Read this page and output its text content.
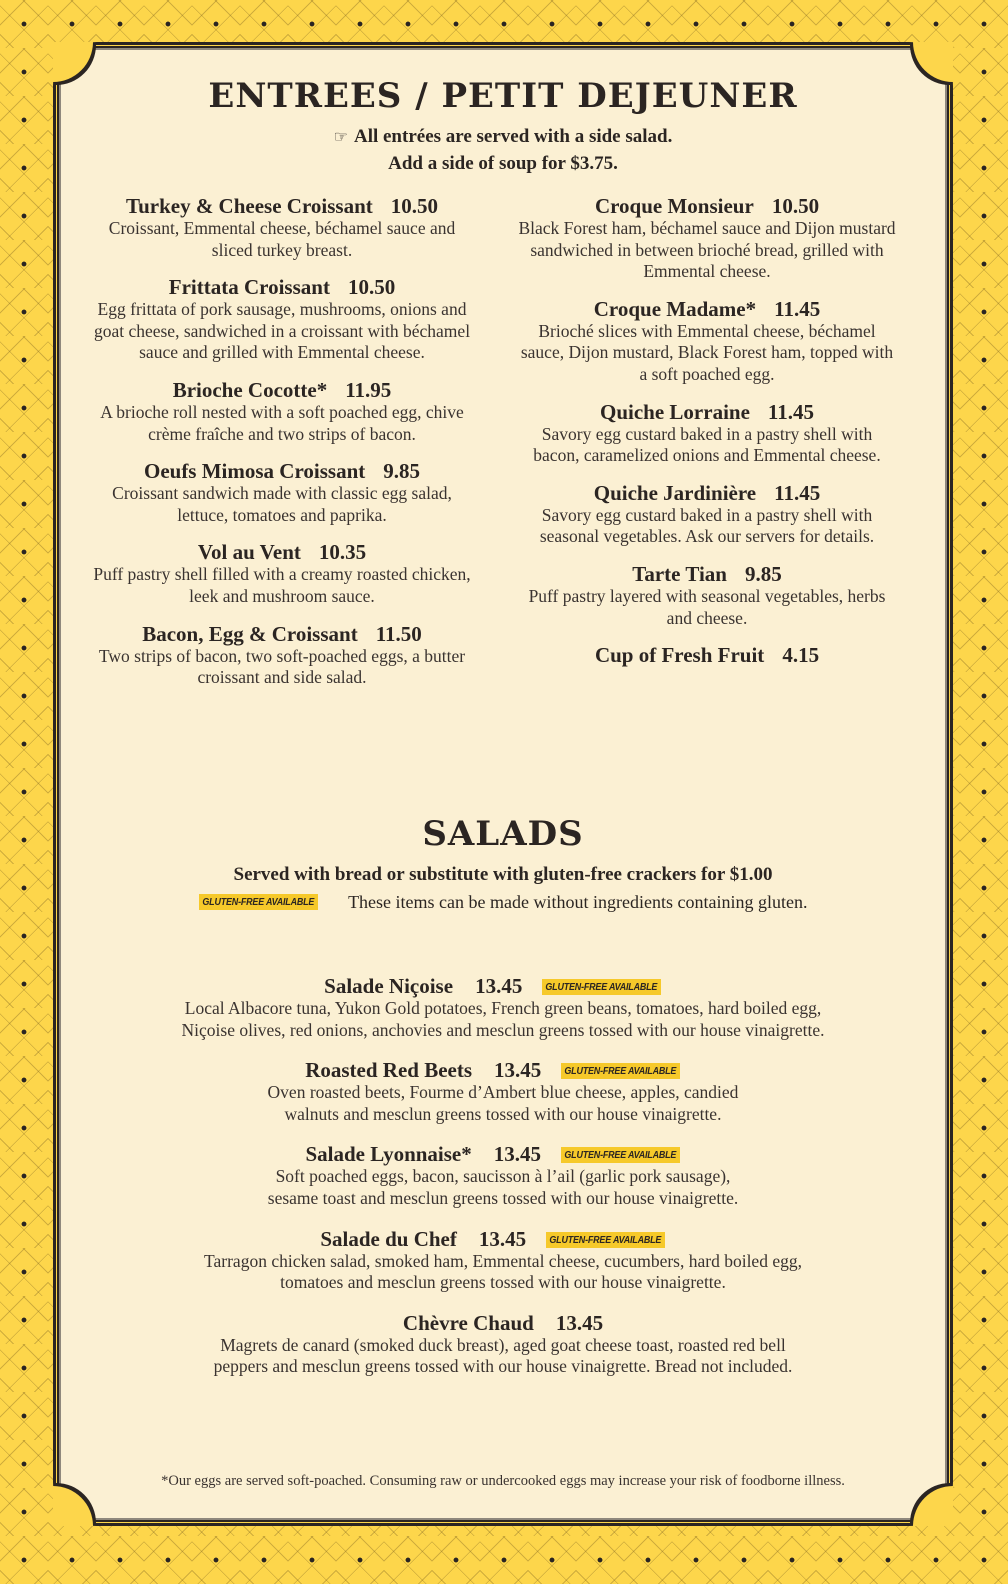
ENTREES / PETIT DEJEUNER
☞ All entrées are served with a side salad.
Add a side of soup for $3.75.
Turkey & Cheese Croissant 10.50
Croissant, Emmental cheese, béchamel sauce and sliced turkey breast.
Frittata Croissant 10.50
Egg frittata of pork sausage, mushrooms, onions and goat cheese, sandwiched in a croissant with béchamel sauce and grilled with Emmental cheese.
Brioche Cocotte* 11.95
A brioche roll nested with a soft poached egg, chive crème fraîche and two strips of bacon.
Oeufs Mimosa Croissant 9.85
Croissant sandwich made with classic egg salad, lettuce, tomatoes and paprika.
Vol au Vent 10.35
Puff pastry shell filled with a creamy roasted chicken, leek and mushroom sauce.
Bacon, Egg & Croissant 11.50
Two strips of bacon, two soft-poached eggs, a butter croissant and side salad.
Croque Monsieur 10.50
Black Forest ham, béchamel sauce and Dijon mustard sandwiched in between brioché bread, grilled with Emmental cheese.
Croque Madame* 11.45
Brioché slices with Emmental cheese, béchamel sauce, Dijon mustard, Black Forest ham, topped with a soft poached egg.
Quiche Lorraine 11.45
Savory egg custard baked in a pastry shell with bacon, caramelized onions and Emmental cheese.
Quiche Jardinière 11.45
Savory egg custard baked in a pastry shell with seasonal vegetables. Ask our servers for details.
Tarte Tian 9.85
Puff pastry layered with seasonal vegetables, herbs and cheese.
Cup of Fresh Fruit 4.15
SALADS
Served with bread or substitute with gluten-free crackers for $1.00
GLUTEN-FREE AVAILABLE These items can be made without ingredients containing gluten.
Salade Niçoise 13.45 GLUTEN-FREE AVAILABLE
Local Albacore tuna, Yukon Gold potatoes, French green beans, tomatoes, hard boiled egg,
Niçoise olives, red onions, anchovies and mesclun greens tossed with our house vinaigrette.
Roasted Red Beets 13.45 GLUTEN-FREE AVAILABLE
Oven roasted beets, Fourme d’Ambert blue cheese, apples, candied
walnuts and mesclun greens tossed with our house vinaigrette.
Salade Lyonnaise* 13.45 GLUTEN-FREE AVAILABLE
Soft poached eggs, bacon, saucisson à l’ail (garlic pork sausage),
sesame toast and mesclun greens tossed with our house vinaigrette.
Salade du Chef 13.45 GLUTEN-FREE AVAILABLE
Tarragon chicken salad, smoked ham, Emmental cheese, cucumbers, hard boiled egg,
tomatoes and mesclun greens tossed with our house vinaigrette.
Chèvre Chaud 13.45
Magrets de canard (smoked duck breast), aged goat cheese toast, roasted red bell
peppers and mesclun greens tossed with our house vinaigrette. Bread not included.
*Our eggs are served soft-poached. Consuming raw or undercooked eggs may increase your risk of foodborne illness.
